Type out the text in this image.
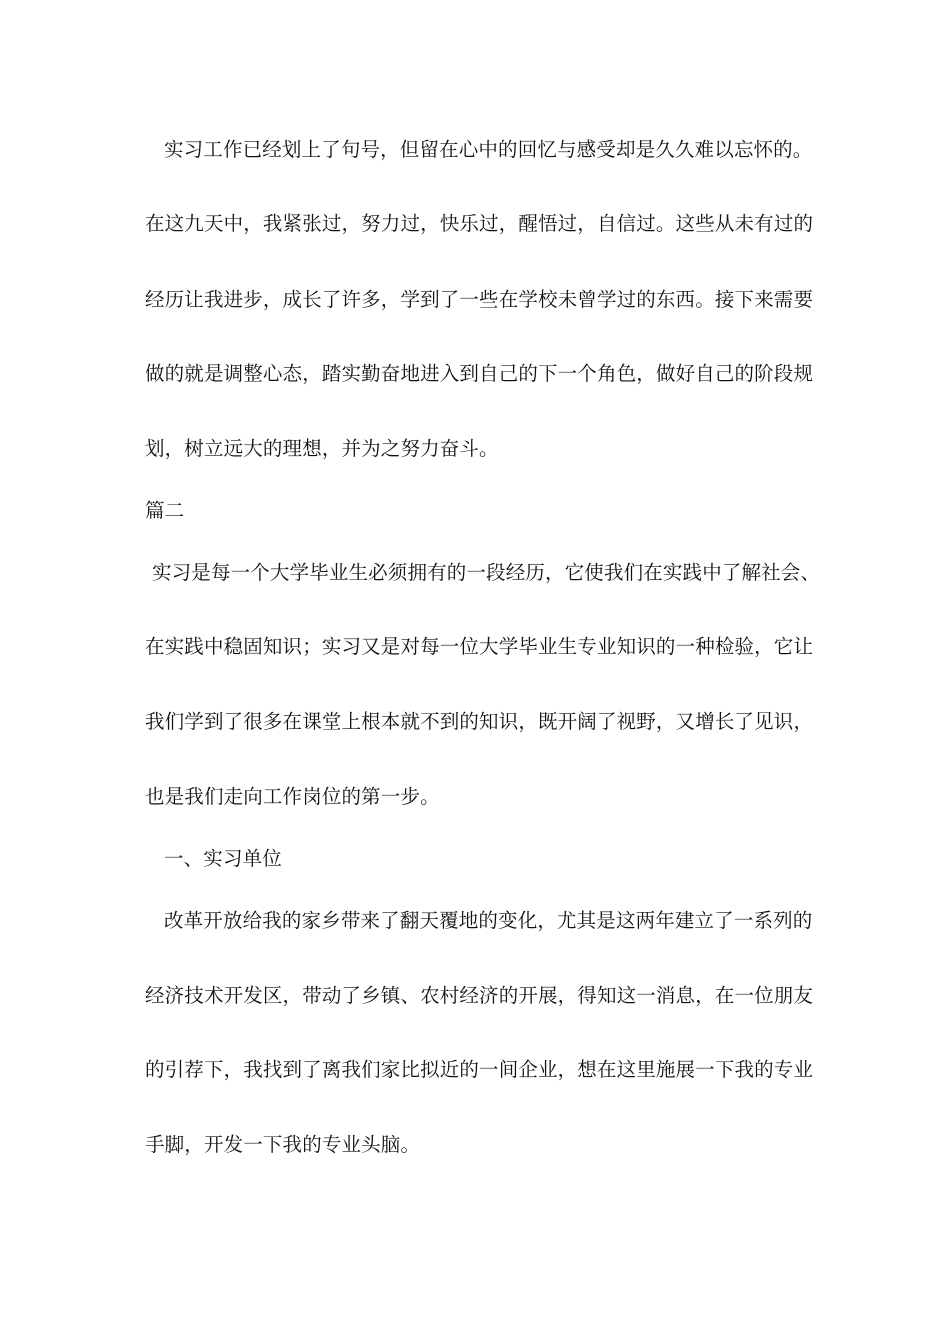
实习工作已经划上了句号，但留在心中的回忆与感受却是久久难以忘怀的。
在这九天中，我紧张过，努力过，快乐过，醒悟过，自信过。这些从未有过的
经历让我进步，成长了许多，学到了一些在学校未曾学过的东西。接下来需要
做的就是调整心态，踏实勤奋地进入到自己的下一个角色，做好自己的阶段规
划，树立远大的理想，并为之努力奋斗。
篇二
实习是每一个大学毕业生必须拥有的一段经历，它使我们在实践中了解社会、
在实践中稳固知识；实习又是对每一位大学毕业生专业知识的一种检验，它让
我们学到了很多在课堂上根本就不到的知识，既开阔了视野，又增长了见识，
也是我们走向工作岗位的第一步。
一、实习单位
改革开放给我的家乡带来了翻天覆地的变化，尤其是这两年建立了一系列的
经济技术开发区，带动了乡镇、农村经济的开展，得知这一消息，在一位朋友
的引荐下，我找到了离我们家比拟近的一间企业，想在这里施展一下我的专业
手脚，开发一下我的专业头脑。
